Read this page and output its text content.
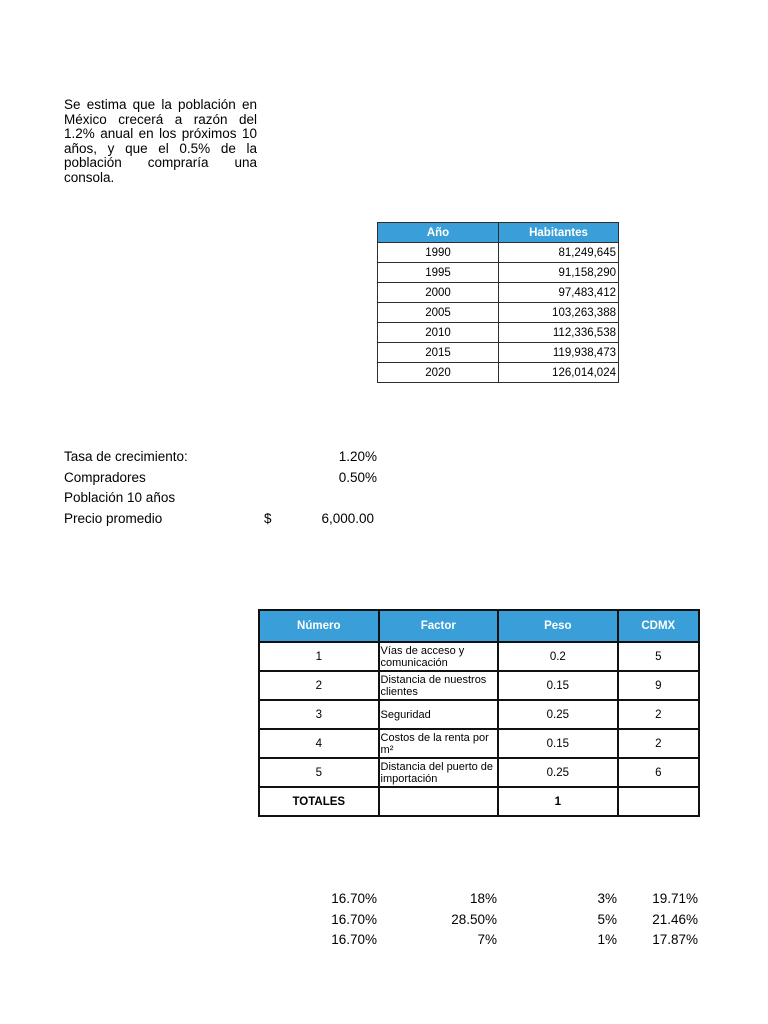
Se estima que la población en México crecerá a razón del 1.2% anual en los próximos 10 años, y que el 0.5% de la población compraría una consola.
Año	Habitantes
1990	81,249,645
1995	91,158,290
2000	97,483,412
2005	103,263,388
2010	112,336,538
2015	119,938,473
2020	126,014,024
Tasa de crecimiento:	1.20%
Compradores	0.50%
Población 10 años
Precio promedio	$	6,000.00
Número	Factor	Peso	CDMX
1	Vías de acceso y comunicación	0.2	5
2	Distancia de nuestros clientes	0.15	9
3	Seguridad	0.25	2
4	Costos de la renta por m²	0.15	2
5	Distancia del puerto de importación	0.25	6
TOTALES		1	
16.70%	18%	3%	19.71%
16.70%	28.50%	5%	21.46%
16.70%	7%	1%	17.87%
